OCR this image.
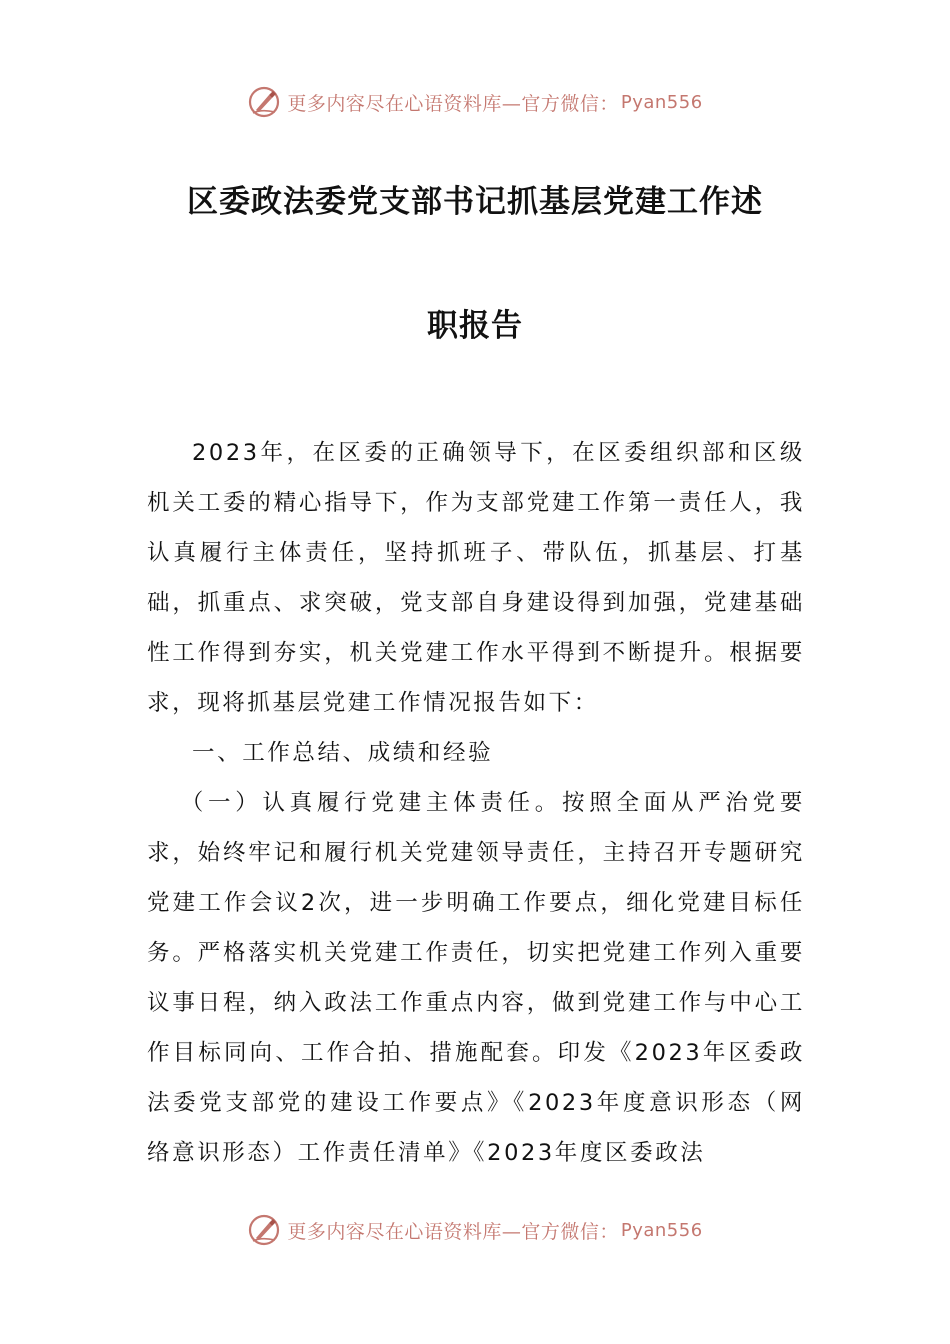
更多内容尽在心语资料库—官方微信： Pyan556
区委政法委党支部书记抓基层党建工作述
职报告

2023年，在区委的正确领导下，在区委组织部和区级机关工委的精心指导下，作为支部党建工作第一责任人，我认真履行主体责任，坚持抓班子、带队伍，抓基层、打基础，抓重点、求突破，党支部自身建设得到加强，党建基础性工作得到夯实，机关党建工作水平得到不断提升。根据要求，现将抓基层党建工作情况报告如下：

一、工作总结、成绩和经验

（一）认真履行党建主体责任。按照全面从严治党要求，始终牢记和履行机关党建领导责任，主持召开专题研究党建工作会议2次，进一步明确工作要点，细化党建目标任务。严格落实机关党建工作责任，切实把党建工作列入重要议事日程，纳入政法工作重点内容，做到党建工作与中心工作目标同向、工作合拍、措施配套。印发《2023年区委政法委党支部党的建设工作要点》《2023年度意识形态（网络意识形态）工作责任清单》《2023年度区委政法

更多内容尽在心语资料库—官方微信： Pyan556
